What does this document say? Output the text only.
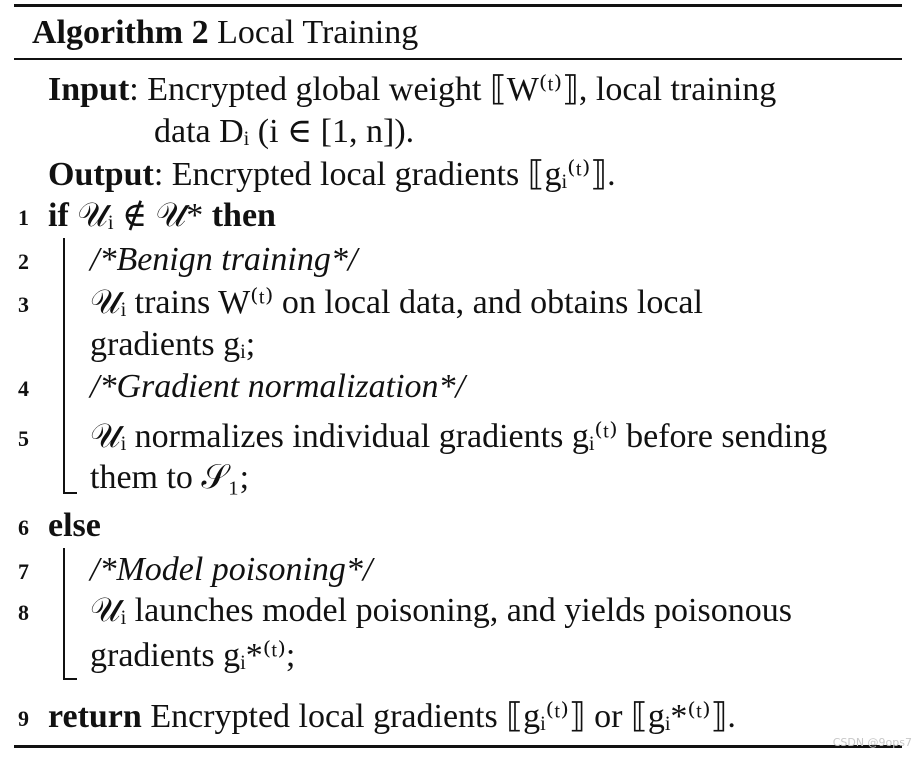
Algorithm 2 Local Training
Input: Encrypted global weight ⟦W⁽ᵗ⁾⟧, local training
data Dᵢ (i ∈ [1, n]).
Output: Encrypted local gradients ⟦gᵢ⁽ᵗ⁾⟧.
1 if 𝒰ᵢ ∉ 𝒰* then
2	/*Benign training*/
3	𝒰ᵢ trains W⁽ᵗ⁾ on local data, and obtains local
gradients gᵢ;
4	/*Gradient normalization*/
5	𝒰ᵢ normalizes individual gradients gᵢ⁽ᵗ⁾ before sending
them to 𝒮₁;
6 else
7	/*Model poisoning*/
8	𝒰ᵢ launches model poisoning, and yields poisonous
gradients gᵢ*⁽ᵗ⁾;
9 return Encrypted local gradients ⟦gᵢ⁽ᵗ⁾⟧ or ⟦gᵢ*⁽ᵗ⁾⟧.
CSDN @9ops7
